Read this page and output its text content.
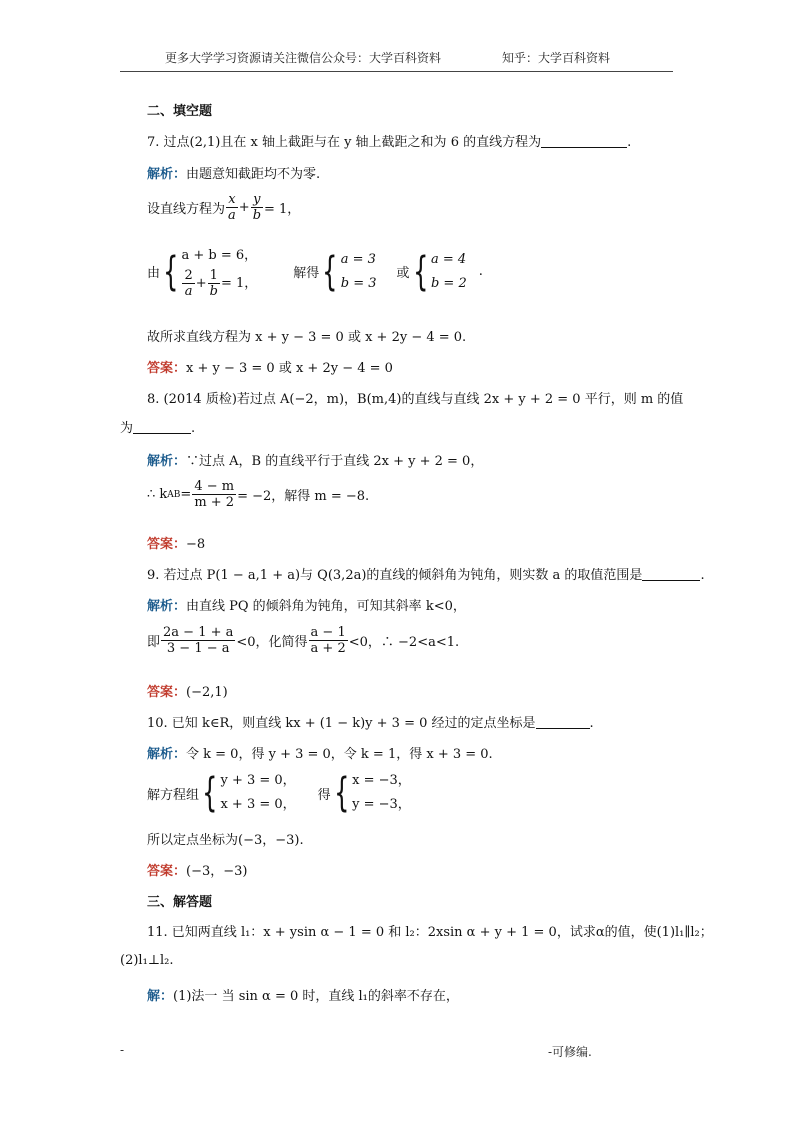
更多大学学习资源请关注微信公众号：大学百科资料	知乎：大学百科资料
二、填空题
7. 过点(2,1)且在 x 轴上截距与在 y 轴上截距之和为 6 的直线方程为	.
解析：由题意知截距均不为零.
设直线方程为 $\frac{x}{a} + \frac{y}{b} = 1$，
由 { a + b = 6，
$\frac{2}{a} + \frac{1}{b} = 1$，
解得 { a = 3
b = 3
或 { a = 4
b = 2
.
故所求直线方程为 x + y − 3 = 0 或 x + 2y − 4 = 0.
答案：x + y − 3 = 0 或 x + 2y − 4 = 0
8. (2014 质检)若过点 A(−2，m)，B(m,4)的直线与直线 2x + y + 2 = 0 平行，则 m 的值
为	.
解析：∵过点 A，B 的直线平行于直线 2x + y + 2 = 0，
∴ k AB = $\frac{4 - m}{m + 2} = -2$，解得 m = −8.
答案：−8
9. 若过点 P(1 − a,1 + a)与 Q(3,2a)的直线的倾斜角为钝角，则实数 a 的取值范围是	.
解析：由直线 PQ 的倾斜角为钝角，可知其斜率 k<0，
即 $\frac{2a - 1 + a}{3 - 1 - a} <0$，化简得 $\frac{a - 1}{a + 2} <0$，∴ −2<a<1.
答案：(−2,1)
10. 已知 k∈R，则直线 kx + (1 − k)y + 3 = 0 经过的定点坐标是	.
解析：令 k = 0，得 y + 3 = 0，令 k = 1，得 x + 3 = 0.
解方程组 { y + 3 = 0，
x + 3 = 0，
得 { x = −3，
y = −3，
所以定点坐标为(−3，−3).
答案：(−3，−3)
三、解答题
11. 已知两直线 l₁：x + ysin α − 1 = 0 和 l₂：2xsin α + y + 1 = 0，试求α的值，使(1)l₁∥l₂；
(2)l₁⊥l₂.
解：(1)法一 当 sin α = 0 时，直线 l₁的斜率不存在，
-	-可修编.
